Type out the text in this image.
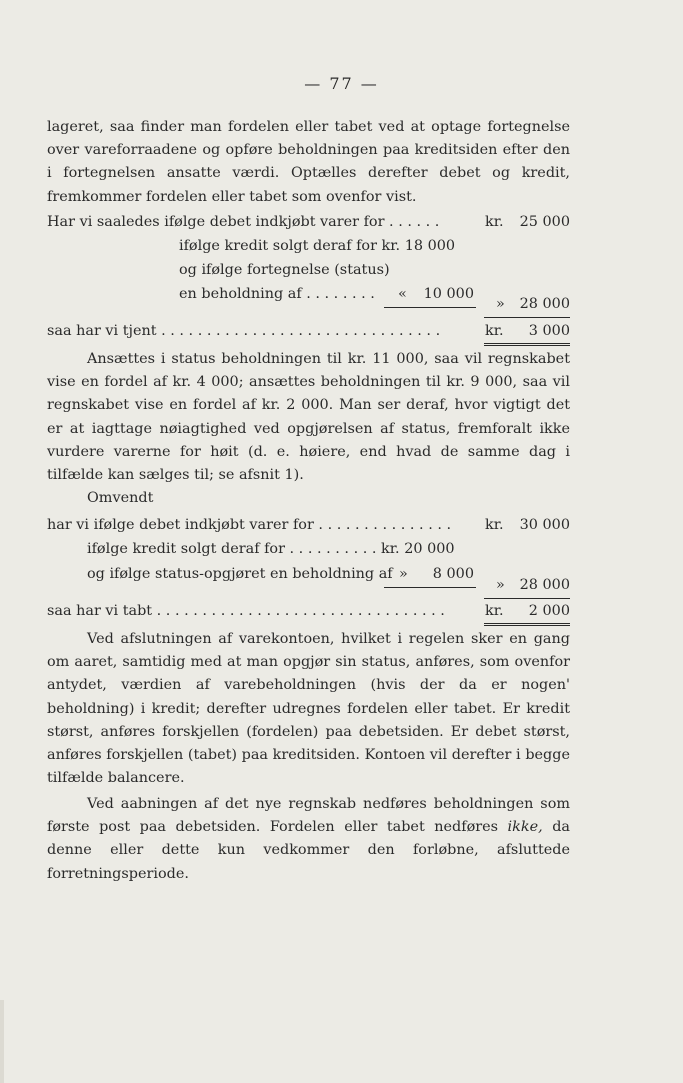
— 77 —

lageret, saa finder man fordelen eller tabet ved at optage fortegnelse over vareforraadene og opføre beholdningen paa kreditsiden efter den i fortegnelsen ansatte værdi. Optælles derefter debet og kredit, fremkommer fordelen eller tabet som ovenfor vist.

Har vi saaledes ifølge debet indkjøbt varer for . . . . . .	kr.	25 000
ifølge kredit solgt deraf for kr. 18 000
og ifølge fortegnelse (status)
en beholdning af . . . . . . . . «	10 000
»	28 000
saa har vi tjent . . . . . . . . . . . . . . . . . . . . . . . . . . . . . . .	kr.	3 000

Ansættes i status beholdningen til kr. 11 000, saa vil regnskabet vise en fordel af kr. 4 000; ansættes beholdningen til kr. 9 000, saa vil regnskabet vise en fordel af kr. 2 000. Man ser deraf, hvor vigtigt det er at iagttage nøiagtighed ved opgjørelsen af status, fremforalt ikke vurdere varerne for høit (d. e. høiere, end hvad de samme dag i tilfælde kan sælges til; se afsnit 1).

Omvendt

har vi ifølge debet indkjøbt varer for . . . . . . . . . . . . . . . kr.	30 000
ifølge kredit solgt deraf for . . . . . . . . . . kr. 20 000
og ifølge status-opgjøret en beholdning af »	8 000
»	28 000
saa har vi tabt . . . . . . . . . . . . . . . . . . . . . . . . . . . . . . . .	kr.	2 000

Ved afslutningen af varekontoen, hvilket i regelen sker en gang om aaret, samtidig med at man opgjør sin status, anføres, som ovenfor antydet, værdien af varebeholdningen (hvis der da er nogen' beholdning) i kredit; derefter udregnes fordelen eller tabet. Er kredit størst, anføres forskjellen (fordelen) paa debetsiden. Er debet størst, anføres forskjellen (tabet) paa kreditsiden. Kontoen vil derefter i begge tilfælde balancere.

Ved aabningen af det nye regnskab nedføres beholdningen som første post paa debetsiden. Fordelen eller tabet nedføres ikke, da denne eller dette kun vedkommer den forløbne, afsluttede forretningsperiode.
